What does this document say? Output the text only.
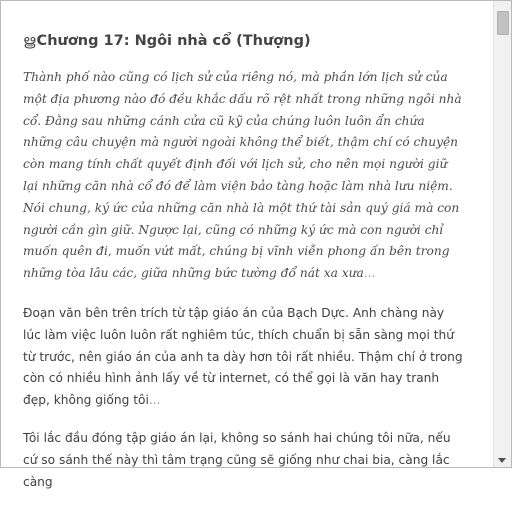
ൠChương 17: Ngôi nhà cổ (Thượng)

Thành phố nào cũng có lịch sử của riêng nó, mà phần lớn lịch sử của một địa phương nào đó đều khắc dấu rõ rệt nhất trong những ngôi nhà cổ. Đằng sau những cánh cửa cũ kỹ của chúng luôn luôn ẩn chứa những câu chuyện mà người ngoài không thể biết, thậm chí có chuyện còn mang tính chất quyết định đối với lịch sử, cho nên mọi người giữ lại những căn nhà cổ đó để làm viện bảo tàng hoặc làm nhà lưu niệm. Nói chung, ký ức của những căn nhà là một thứ tài sản quý giá mà con người cần gìn giữ. Ngược lại, cũng có những ký ức mà con người chỉ muốn quên đi, muốn vứt mất, chúng bị vĩnh viễn phong ấn bên trong những tòa lâu các, giữa những bức tường đổ nát xa xưa...

Đoạn văn bên trên trích từ tập giáo án của Bạch Dực. Anh chàng này lúc làm việc luôn luôn rất nghiêm túc, thích chuẩn bị sẵn sàng mọi thứ từ trước, nên giáo án của anh ta dày hơn tôi rất nhiều. Thậm chí ở trong còn có nhiều hình ảnh lấy về từ internet, có thể gọi là văn hay tranh đẹp, không giống tôi...

Tôi lắc đầu đóng tập giáo án lại, không so sánh hai chúng tôi nữa, nếu cứ so sánh thế này thì tâm trạng cũng sẽ giống như chai bia, càng lắc càng
